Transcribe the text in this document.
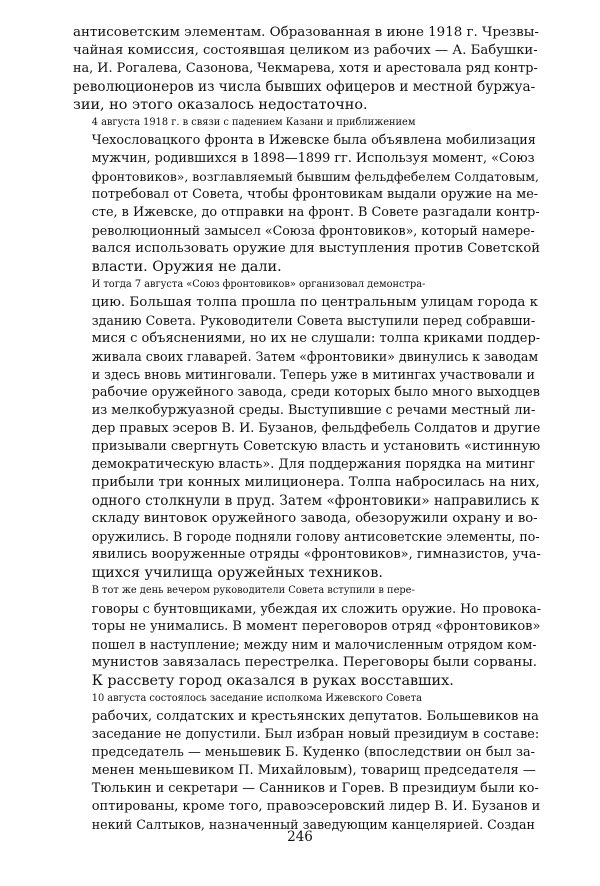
антисоветским элементам. Образованная в июне 1918 г. Чрезвы-
чайная комиссия, состоявшая целиком из рабочих — А. Бабушки-
на, И. Рогалева, Сазонова, Чекмарева, хотя и арестовала ряд контр-
революционеров из числа бывших офицеров и местной буржуа-
зии, но этого оказалось недостаточно.

4 августа 1918 г. в связи с падением Казани и приближением
Чехословацкого фронта в Ижевске была объявлена мобилизация
мужчин, родившихся в 1898—1899 гг. Используя момент, «Союз
фронтовиков», возглавляемый бывшим фельдфебелем Солдатовым,
потребовал от Совета, чтобы фронтовикам выдали оружие на ме-
сте, в Ижевске, до отправки на фронт. В Совете разгадали контр-
революционный замысел «Союза фронтовиков», который намере-
вался использовать оружие для выступления против Советской
власти. Оружия не дали.

И тогда 7 августа «Союз фронтовиков» организовал демонстра-
цию. Большая толпа прошла по центральным улицам города к
зданию Совета. Руководители Совета выступили перед собравши-
мися с объяснениями, но их не слушали: толпа криками поддер-
живала своих главарей. Затем «фронтовики» двинулись к заводам
и здесь вновь митинговали. Теперь уже в митингах участвовали и
рабочие оружейного завода, среди которых было много выходцев
из мелкобуржуазной среды. Выступившие с речами местный ли-
дер правых эсеров В. И. Бузанов, фельдфебель Солдатов и другие
призывали свергнуть Советскую власть и установить «истинную
демократическую власть». Для поддержания порядка на митинг
прибыли три конных милиционера. Толпа набросилась на них,
одного столкнули в пруд. Затем «фронтовики» направились к
складу винтовок оружейного завода, обезоружили охрану и во-
оружились. В городе подняли голову антисоветские элементы, по-
явились вооруженные отряды «фронтовиков», гимназистов, уча-
щихся училища оружейных техников.

В тот же день вечером руководители Совета вступили в пере-
говоры с бунтовщиками, убеждая их сложить оружие. Но провока-
торы не унимались. В момент переговоров отряд «фронтовиков»
пошел в наступление; между ним и малочисленным отрядом ком-
мунистов завязалась перестрелка. Переговоры были сорваны.
К рассвету город оказался в руках восставших.

10 августа состоялось заседание исполкома Ижевского Совета
рабочих, солдатских и крестьянских депутатов. Большевиков на
заседание не допустили. Был избран новый президиум в составе:
председатель — меньшевик Б. Куденко (впоследствии он был за-
менен меньшевиком П. Михайловым), товарищ председателя —
Тюлькин и секретари — Санников и Горев. В президиум были ко-
оптированы, кроме того, правоэсеровский лидер В. И. Бузанов и
некий Салтыков, назначенный заведующим канцелярией. Создан

246
